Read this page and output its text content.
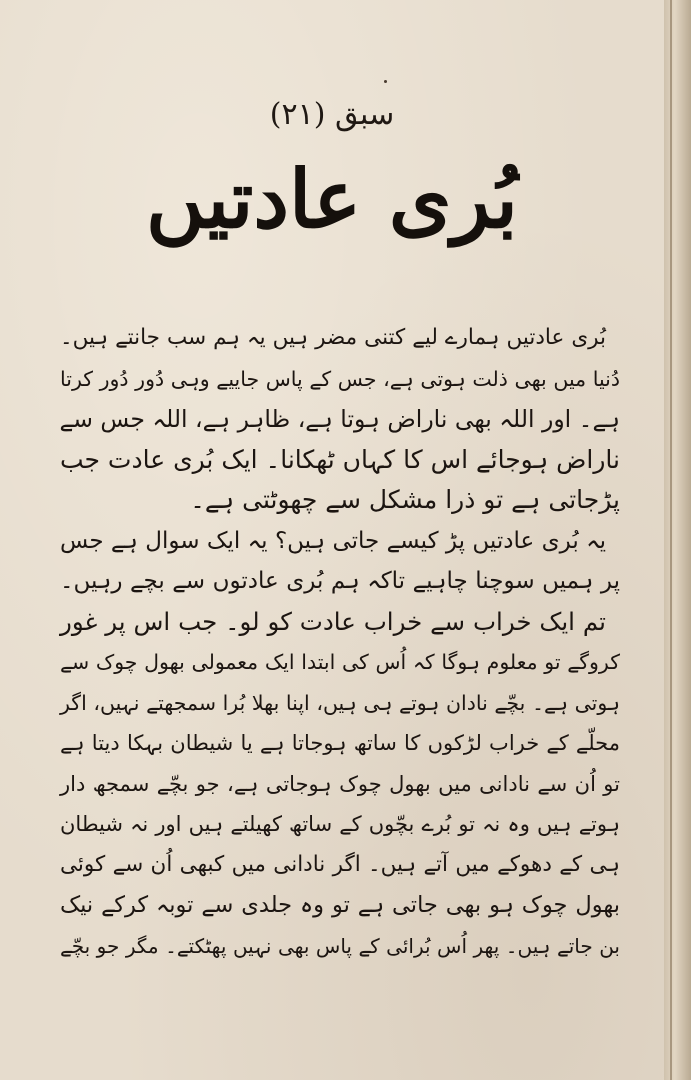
سبق (۲۱)
بُری عادتیں
بُری عادتیں ہمارے لیے کتنی مضر ہیں یہ ہم سب جانتے ہیں۔
دُنیا میں بھی ذلت ہوتی ہے، جس کے پاس جاییے وہی دُور دُور کرتا
ہے۔ اور اللہ بھی ناراض ہوتا ہے، ظاہر ہے، اللہ جس سے
ناراض ہوجائے اس کا کہاں ٹھکانا۔ ایک بُری عادت جب
پڑجاتی ہے تو ذرا مشکل سے چھوٹتی ہے۔
یہ بُری عادتیں پڑ کیسے جاتی ہیں؟ یہ ایک سوال ہے جس
پر ہمیں سوچنا چاہیے تاکہ ہم بُری عادتوں سے بچے رہیں۔
تم ایک خراب سے خراب عادت کو لو۔ جب اس پر غور
کروگے تو معلوم ہوگا کہ اُس کی ابتدا ایک معمولی بھول چوک سے
ہوتی ہے۔ بچّے نادان ہوتے ہی ہیں، اپنا بھلا بُرا سمجھتے نہیں، اگر
محلّے کے خراب لڑکوں کا ساتھ ہوجاتا ہے یا شیطان بہکا دیتا ہے
تو اُن سے نادانی میں بھول چوک ہوجاتی ہے، جو بچّے سمجھ دار
ہوتے ہیں وہ نہ تو بُرے بچّوں کے ساتھ کھیلتے ہیں اور نہ شیطان
ہی کے دھوکے میں آتے ہیں۔ اگر نادانی میں کبھی اُن سے کوئی
بھول چوک ہو بھی جاتی ہے تو وہ جلدی سے توبہ کرکے نیک
بن جاتے ہیں۔ پھر اُس بُرائی کے پاس بھی نہیں پھٹکتے۔ مگر جو بچّے
